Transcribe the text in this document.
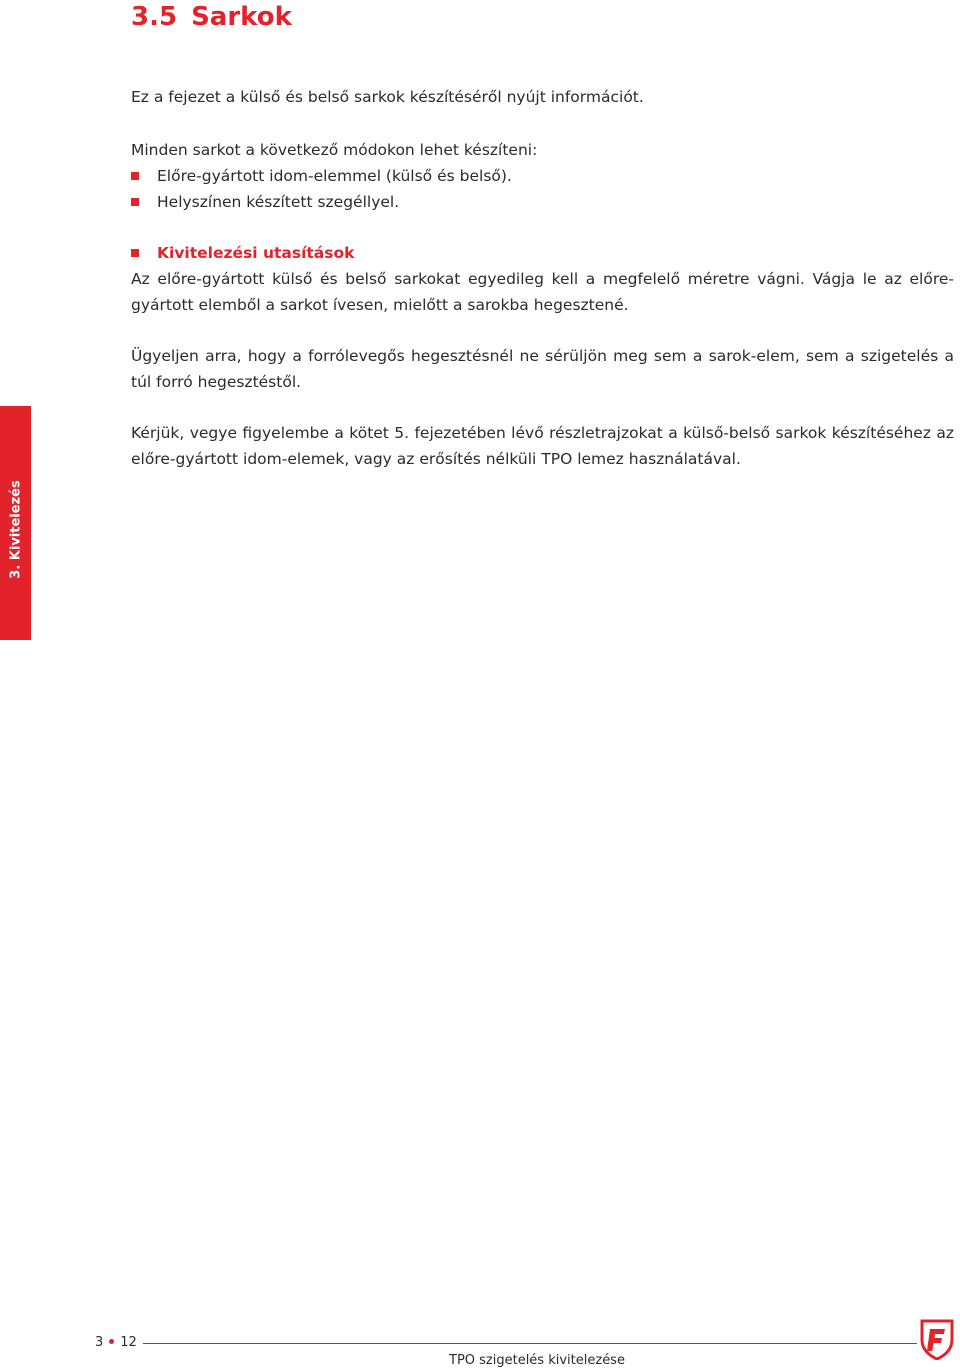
3.5 Sarkok

Ez a fejezet a külső és belső sarkok készítéséről nyújt információt.

Minden sarkot a következő módokon lehet készíteni:

Előre-gyártott idom-elemmel (külső és belső).
Helyszínen készített szegéllyel.
Kivitelezési utasítások

Az előre-gyártott külső és belső sarkokat egyedileg kell a megfelelő méretre vágni. Vágja le az előre-gyártott elemből a sarkot ívesen, mielőtt a sarokba hegesztené.

Ügyeljen arra, hogy a forrólevegős hegesztésnél ne sérüljön meg sem a sarok-elem, sem a szigetelés a túl forró hegesztéstől.

Kérjük, vegye figyelembe a kötet 5. fejezetében lévő részletrajzokat a külső-belső sarkok készítéséhez az előre-gyártott idom-elemek, vagy az erősítés nélküli TPO lemez használatával.

3. Kivitelezés
3 12
TPO szigetelés kivitelezése
